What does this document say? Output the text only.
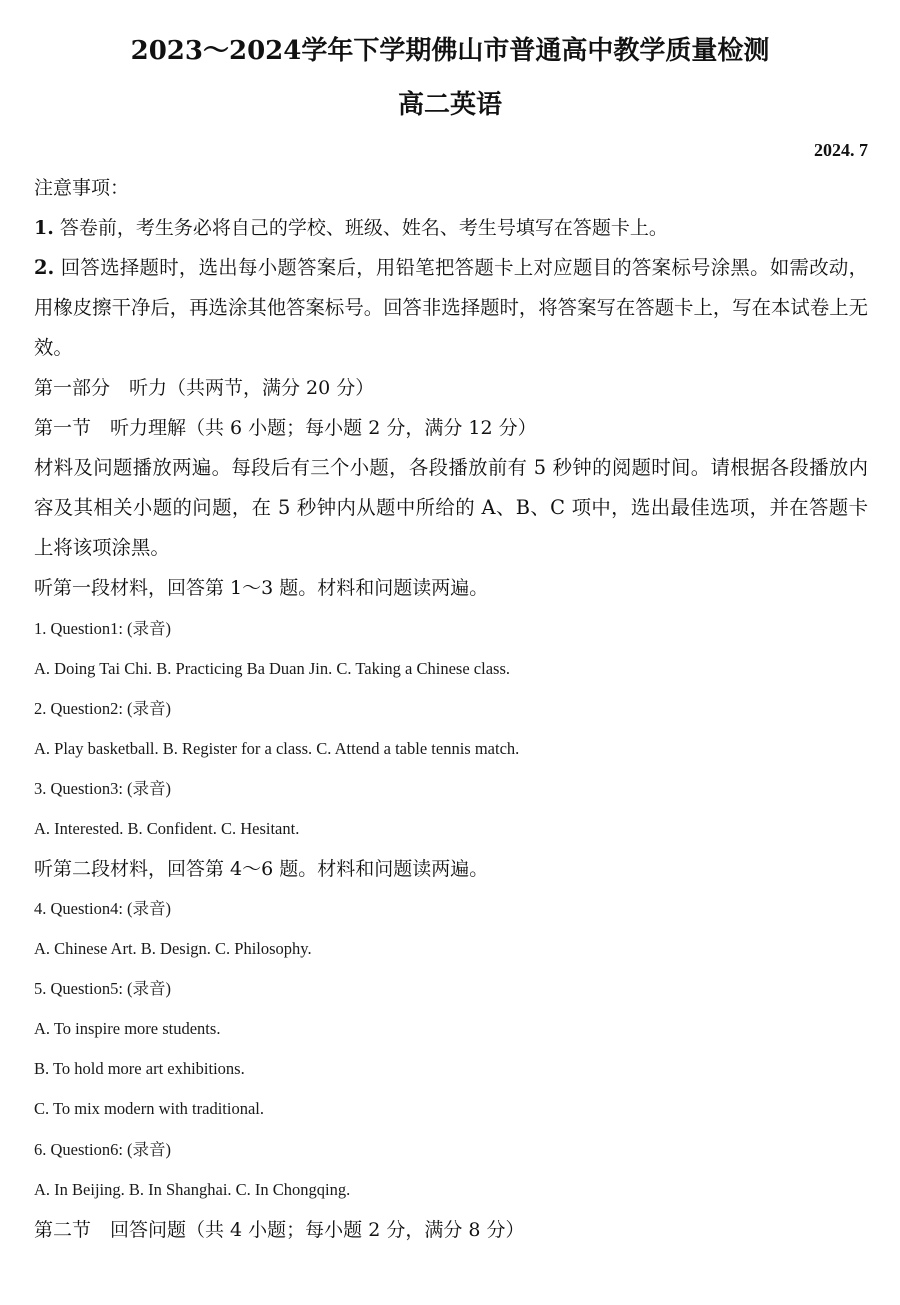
2023～2024学年下学期佛山市普通高中教学质量检测
高二英语
2024. 7
注意事项：
1. 答卷前，考生务必将自己的学校、班级、姓名、考生号填写在答题卡上。
2. 回答选择题时，选出每小题答案后，用铅笔把答题卡上对应题目的答案标号涂黑。如需改动，用橡皮擦干净后，再选涂其他答案标号。回答非选择题时，将答案写在答题卡上，写在本试卷上无效。
第一部分　听力（共两节，满分 20 分）
第一节　听力理解（共 6 小题；每小题 2 分，满分 12 分）
材料及问题播放两遍。每段后有三个小题，各段播放前有 5 秒钟的阅题时间。请根据各段播放内容及其相关小题的问题，在 5 秒钟内从题中所给的 A、B、C 项中，选出最佳选项，并在答题卡上将该项涂黑。
听第一段材料，回答第 1～3 题。材料和问题读两遍。
1. Question1: (录音)
A. Doing Tai Chi. B. Practicing Ba Duan Jin. C. Taking a Chinese class.
2. Question2: (录音)
A. Play basketball. B. Register for a class. C. Attend a table tennis match.
3. Question3: (录音)
A. Interested. B. Confident. C. Hesitant.
听第二段材料，回答第 4～6 题。材料和问题读两遍。
4. Question4: (录音)
A. Chinese Art. B. Design. C. Philosophy.
5. Question5: (录音)
A. To inspire more students.
B. To hold more art exhibitions.
C. To mix modern with traditional.
6. Question6: (录音)
A. In Beijing. B. In Shanghai. C. In Chongqing.
第二节　回答问题（共 4 小题；每小题 2 分，满分 8 分）
